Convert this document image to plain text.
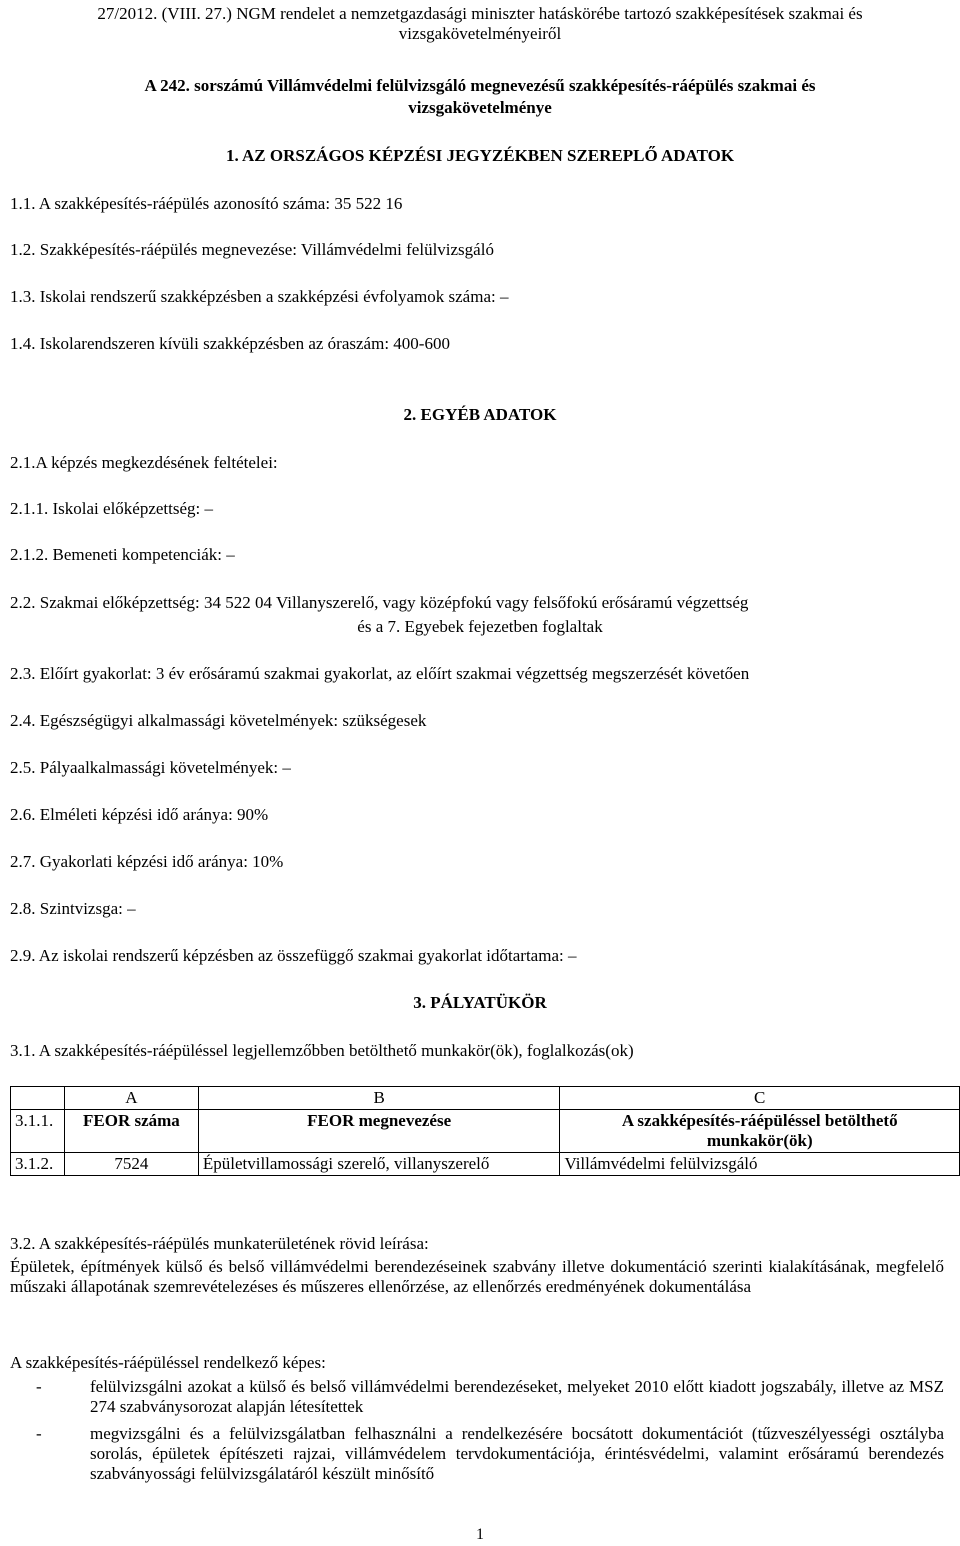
27/2012. (VIII. 27.) NGM rendelet a nemzetgazdasági miniszter hatáskörébe tartozó szakképesítések szakmai és
vizsgakövetelményeiről
A 242. sorszámú Villámvédelmi felülvizsgáló megnevezésű szakképesítés-ráépülés szakmai és
vizsgakövetelménye
1. AZ ORSZÁGOS KÉPZÉSI JEGYZÉKBEN SZEREPLŐ ADATOK
1.1. A szakképesítés-ráépülés azonosító száma: 35 522 16
1.2. Szakképesítés-ráépülés megnevezése: Villámvédelmi felülvizsgáló
1.3. Iskolai rendszerű szakképzésben a szakképzési évfolyamok száma: –
1.4. Iskolarendszeren kívüli szakképzésben az óraszám: 400-600
2. EGYÉB ADATOK
2.1.A képzés megkezdésének feltételei:
2.1.1. Iskolai előképzettség: –
2.1.2. Bemeneti kompetenciák: –
2.2. Szakmai előképzettség: 34 522 04 Villanyszerelő, vagy középfokú vagy felsőfokú erősáramú végzettség
és a 7. Egyebek fejezetben foglaltak
2.3. Előírt gyakorlat: 3 év erősáramú szakmai gyakorlat, az előírt szakmai végzettség megszerzését követően
2.4. Egészségügyi alkalmassági követelmények: szükségesek
2.5. Pályaalkalmassági követelmények: –
2.6. Elméleti képzési idő aránya: 90%
2.7. Gyakorlati képzési idő aránya: 10%
2.8. Szintvizsga: –
2.9. Az iskolai rendszerű képzésben az összefüggő szakmai gyakorlat időtartama: –
3. PÁLYATÜKÖR
3.1. A szakképesítés-ráépüléssel legjellemzőbben betölthető munkakör(ök), foglalkozás(ok)
	A	B	C
3.1.1.	FEOR száma	FEOR megnevezése	A szakképesítés-ráépüléssel betölthető
munkakör(ök)
3.1.2.	7524	Épületvillamossági szerelő, villanyszerelő	Villámvédelmi felülvizsgáló
3.2. A szakképesítés-ráépülés munkaterületének rövid leírása:
Épületek, építmények külső és belső villámvédelmi berendezéseinek szabvány illetve dokumentáció szerinti kialakításának, megfelelő műszaki állapotának szemrevételezéses és műszeres ellenőrzése, az ellenőrzés eredményének dokumentálása
A szakképesítés-ráépüléssel rendelkező képes:
-	felülvizsgálni azokat a külső és belső villámvédelmi berendezéseket, melyeket 2010 előtt kiadott jogszabály, illetve az MSZ 274 szabványsorozat alapján létesítettek
-	megvizsgálni és a felülvizsgálatban felhasználni a rendelkezésére bocsátott dokumentációt (tűzveszélyességi osztályba sorolás, épületek építészeti rajzai, villámvédelem tervdokumentációja, érintésvédelmi, valamint erősáramú berendezés szabványossági felülvizsgálatáról készült minősítő
1
